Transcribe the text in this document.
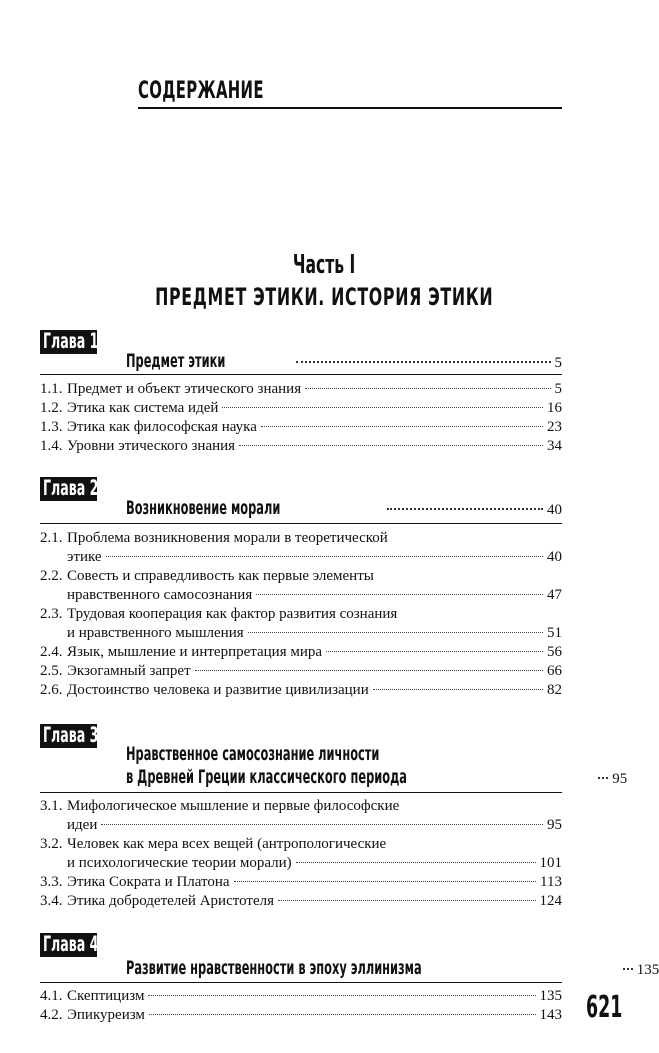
СОДЕРЖАНИЕ
Часть I
ПРЕДМЕТ ЭТИКИ. ИСТОРИЯ ЭТИКИ
Глава 1
Предмет этики	5
1.1. Предмет и объект этического знания	5
1.2. Этика как система идей	16
1.3. Этика как философская наука	23
1.4. Уровни этического знания	34
Глава 2
Возникновение морали	40
2.1. Проблема возникновения морали в теоретической
этике	40
2.2. Совесть и справедливость как первые элементы
нравственного самосознания	47
2.3. Трудовая кооперация как фактор развития сознания
и нравственного мышления	51
2.4. Язык, мышление и интерпретация мира	56
2.5. Экзогамный запрет	66
2.6. Достоинство человека и развитие цивилизации	82
Глава 3
Нравственное самосознание личности
в Древней Греции классического периода	95
3.1. Мифологическое мышление и первые философские
идеи	95
3.2. Человек как мера всех вещей (антропологические
и психологические теории морали)	101
3.3. Этика Сократа и Платона	113
3.4. Этика добродетелей Аристотеля	124
Глава 4
Развитие нравственности в эпоху эллинизма	135
4.1. Скептицизм	135
4.2. Эпикуреизм	143 621
